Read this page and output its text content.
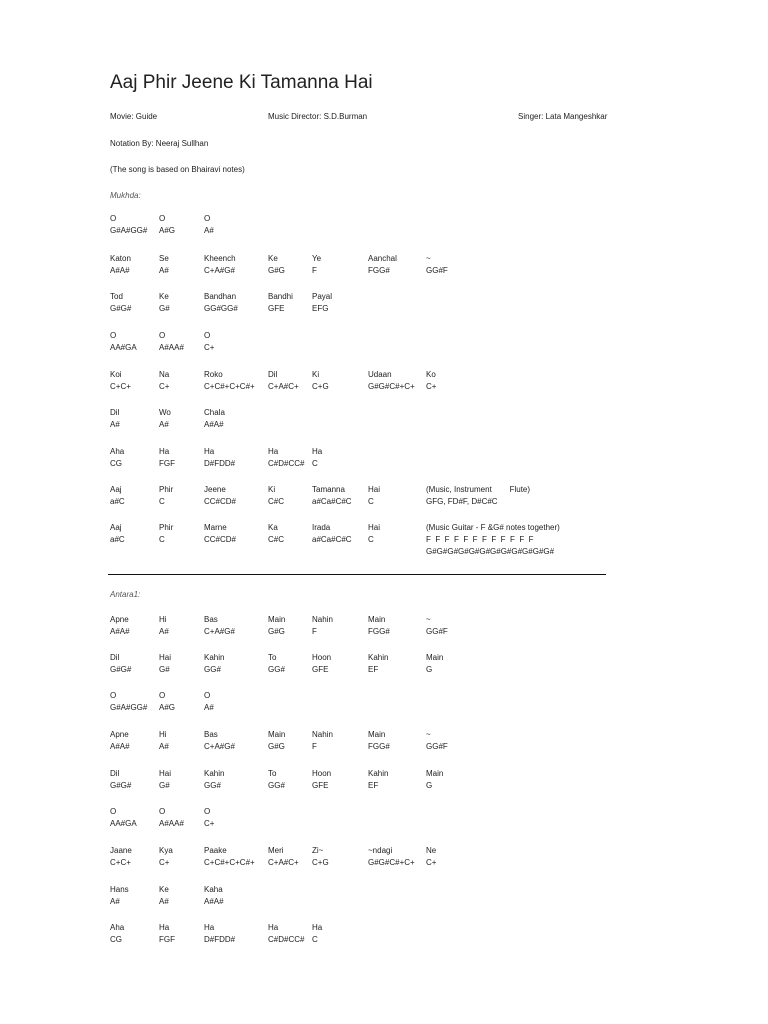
Aaj Phir Jeene Ki Tamanna Hai
Movie: Guide	Music Director: S.D.Burman	Singer: Lata Mangeshkar
Notation By: Neeraj Sullhan
(The song is based on Bhairavi notes)
Mukhda:
Antara1:
O
G#A#GG#
O
A#G
O
A#
Katon
A#A#
Se
A#
Kheench
C+A#G#
Ke
G#G
Ye
F
Aanchal
FGG#
~
GG#F
Tod
G#G#
Ke
G#
Bandhan
GG#GG#
Bandhi
GFE
Payal
EFG
O
AA#GA
O
A#AA#
O
C+
Koi
C+C+
Na
C+
Roko
C+C#+C+C#+
Dil
C+A#C+
Ki
C+G
Udaan
G#G#C#+C+
Ko
C+
Dil
A#
Wo
A#
Chala
A#A#
Aha
CG
Ha
FGF
Ha
D#FDD#
Ha
C#D#CC#
Ha
C
Aaj
a#C
Phir
C
Jeene
CC#CD#
Ki
C#C
Tamanna
a#Ca#C#C
Hai
C
(Music, Instrument        Flute)
GFG, FD#F, D#C#C
Aaj
a#C
Phir
C
Marne
CC#CD#
Ka
C#C
Irada
a#Ca#C#C
Hai
C
(Music Guitar - F &G# notes together)
F  F  F  F  F  F  F  F  F  F  F  F
G#G#G#G#G#G#G#G#G#G#G#G#
Apne
A#A#
Hi
A#
Bas
C+A#G#
Main
G#G
Nahin
F
Main
FGG#
~
GG#F
Dil
G#G#
Hai
G#
Kahin
GG#
To
GG#
Hoon
GFE
Kahin
EF
Main
G
O
G#A#GG#
O
A#G
O
A#
Apne
A#A#
Hi
A#
Bas
C+A#G#
Main
G#G
Nahin
F
Main
FGG#
~
GG#F
Dil
G#G#
Hai
G#
Kahin
GG#
To
GG#
Hoon
GFE
Kahin
EF
Main
G
O
AA#GA
O
A#AA#
O
C+
Jaane
C+C+
Kya
C+
Paake
C+C#+C+C#+
Meri
C+A#C+
Zi~
C+G
~ndagi
G#G#C#+C+
Ne
C+
Hans
A#
Ke
A#
Kaha
A#A#
Aha
CG
Ha
FGF
Ha
D#FDD#
Ha
C#D#CC#
Ha
C
